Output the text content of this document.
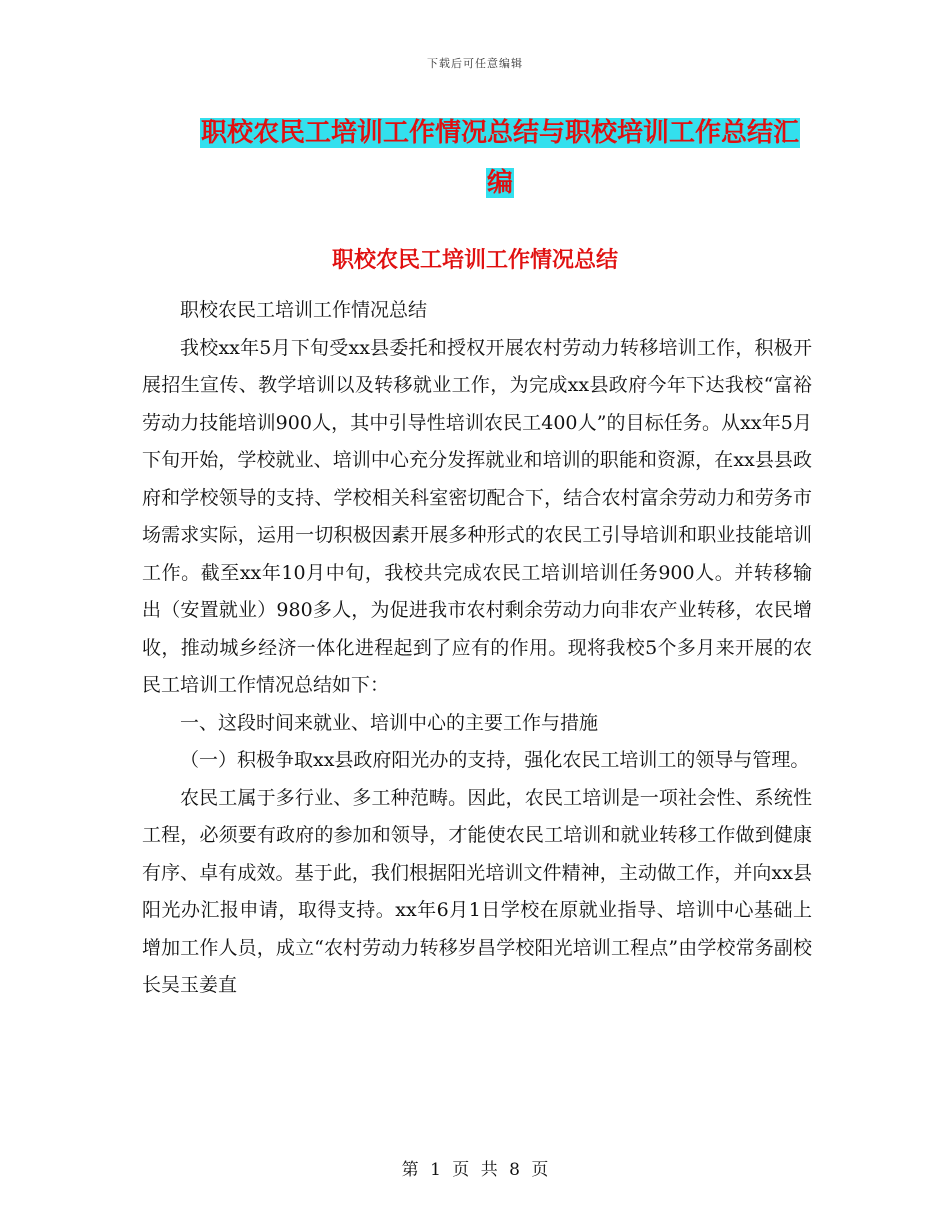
下载后可任意编辑
职校农民工培训工作情况总结与职校培训工作总结汇
编
职校农民工培训工作情况总结

职校农民工培训工作情况总结

我校xx年5月下旬受xx县委托和授权开展农村劳动力转移培训工作，积极开展招生宣传、教学培训以及转移就业工作，为完成xx县政府今年下达我校“富裕劳动力技能培训900人，其中引导性培训农民工400人”的目标任务。从xx年5月下旬开始，学校就业、培训中心充分发挥就业和培训的职能和资源，在xx县县政府和学校领导的支持、学校相关科室密切配合下，结合农村富余劳动力和劳务市场需求实际，运用一切积极因素开展多种形式的农民工引导培训和职业技能培训工作。截至xx年10月中旬，我校共完成农民工培训培训任务900人。并转移输出（安置就业）980多人，为促进我市农村剩余劳动力向非农产业转移，农民增收，推动城乡经济一体化进程起到了应有的作用。现将我校5个多月来开展的农民工培训工作情况总结如下：

一、这段时间来就业、培训中心的主要工作与措施

（一）积极争取xx县政府阳光办的支持，强化农民工培训工的领导与管理。

农民工属于多行业、多工种范畴。因此，农民工培训是一项社会性、系统性工程，必须要有政府的参加和领导，才能使农民工培训和就业转移工作做到健康有序、卓有成效。基于此，我们根据阳光培训文件精神，主动做工作，并向xx县阳光办汇报申请，取得支持。xx年6月1日学校在原就业指导、培训中心基础上增加工作人员，成立“农村劳动力转移岁昌学校阳光培训工程点”由学校常务副校长吴玉姜直

第 1 页 共 8 页
